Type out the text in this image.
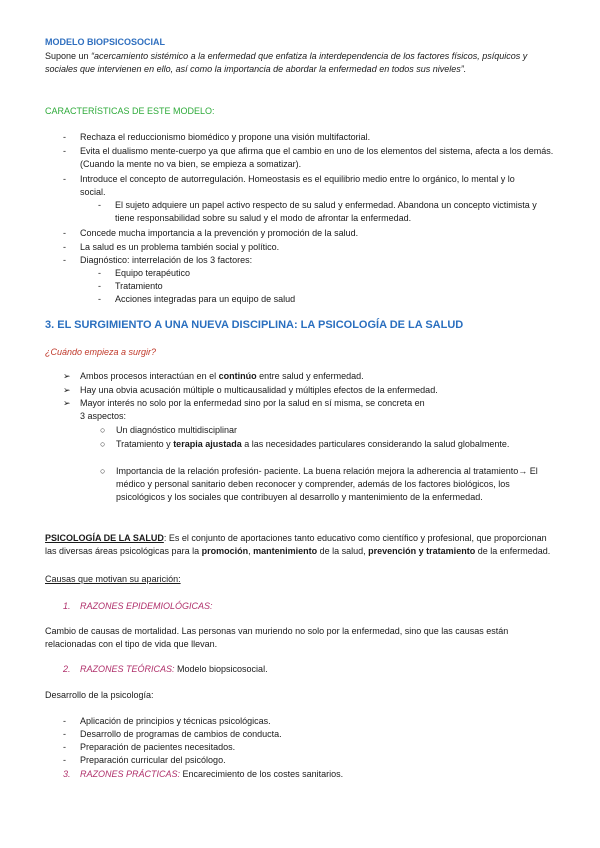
MODELO BIOPSICOSOCIAL
Supone un “acercamiento sistémico a la enfermedad que enfatiza la interdependencia de los factores físicos, psíquicos y sociales que intervienen en ello, así como la importancia de abordar la enfermedad en todos sus niveles”.
CARACTERÍSTICAS DE ESTE MODELO:
- Rechaza el reduccionismo biomédico y propone una visión multifactorial.
- Evita el dualismo mente-cuerpo ya que afirma que el cambio en uno de los elementos del sistema, afecta a los demás. (Cuando la mente no va bien, se empieza a somatizar).
- Introduce el concepto de autorregulación. Homeostasis es el equilibrio medio entre lo orgánico, lo mental y lo social.
- El sujeto adquiere un papel activo respecto de su salud y enfermedad. Abandona un concepto victimista y tiene responsabilidad sobre su salud y el modo de afrontar la enfermedad.
- Concede mucha importancia a la prevención y promoción de la salud.
- La salud es un problema también social y político.
- Diagnóstico: interrelación de los 3 factores:
- Equipo terapéutico
- Tratamiento
- Acciones integradas para un equipo de salud
3. EL SURGIMIENTO A UNA NUEVA DISCIPLINA: LA PSICOLOGÍA DE LA SALUD
¿Cuándo empieza a surgir?
➢ Ambos procesos interactúan en el continúo entre salud y enfermedad.
➢ Hay una obvia acusación múltiple o multicausalidad y múltiples efectos de la enfermedad.
➢ Mayor interés no solo por la enfermedad sino por la salud en sí misma, se concreta en 3 aspectos:
○ Un diagnóstico multidisciplinar
○ Tratamiento y terapia ajustada a las necesidades particulares considerando la salud globalmente.
○ Importancia de la relación profesión- paciente. La buena relación mejora la adherencia al tratamiento→ El médico y personal sanitario deben reconocer y comprender, además de los factores biológicos, los psicológicos y los sociales que contribuyen al desarrollo y mantenimiento de la enfermedad.
PSICOLOGÍA DE LA SALUD: Es el conjunto de aportaciones tanto educativo como científico y profesional, que proporcionan las diversas áreas psicológicas para la promoción, mantenimiento de la salud, prevención y tratamiento de la enfermedad.
Causas que motivan su aparición:
1. RAZONES EPIDEMIOLÓGICAS:
Cambio de causas de mortalidad. Las personas van muriendo no solo por la enfermedad, sino que las causas están relacionadas con el tipo de vida que llevan.
2. RAZONES TEÓRICAS: Modelo biopsicosocial.
Desarrollo de la psicología:
- Aplicación de principios y técnicas psicológicas.
- Desarrollo de programas de cambios de conducta.
- Preparación de pacientes necesitados.
- Preparación curricular del psicólogo.
3. RAZONES PRÁCTICAS: Encarecimiento de los costes sanitarios.
